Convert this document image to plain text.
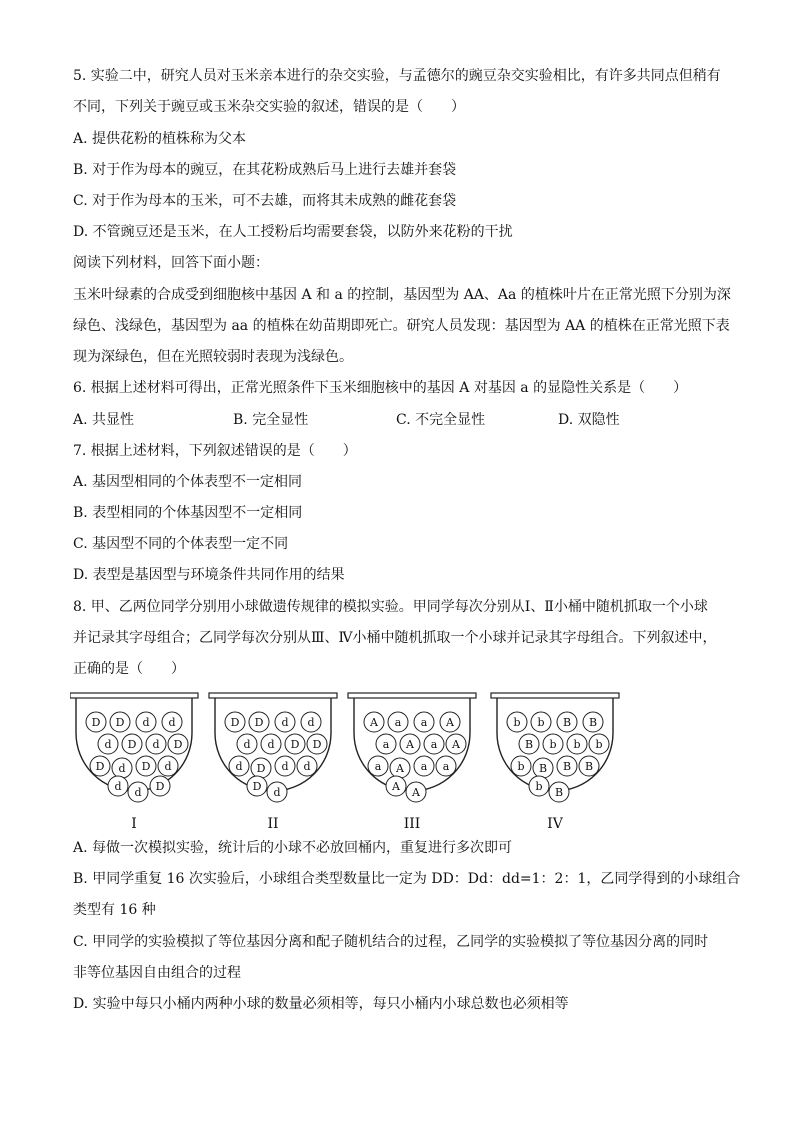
5. 实验二中，研究人员对玉米亲本进行的杂交实验，与孟德尔的豌豆杂交实验相比，有许多共同点但稍有
不同，下列关于豌豆或玉米杂交实验的叙述，错误的是（　　）
A. 提供花粉的植株称为父本
B. 对于作为母本的豌豆，在其花粉成熟后马上进行去雄并套袋
C. 对于作为母本的玉米，可不去雄，而将其未成熟的雌花套袋
D. 不管豌豆还是玉米，在人工授粉后均需要套袋，以防外来花粉的干扰
阅读下列材料，回答下面小题：
玉米叶绿素的合成受到细胞核中基因 A 和 a 的控制，基因型为 AA、Aa 的植株叶片在正常光照下分别为深
绿色、浅绿色，基因型为 aa 的植株在幼苗期即死亡。研究人员发现：基因型为 AA 的植株在正常光照下表
现为深绿色，但在光照较弱时表现为浅绿色。
6. 根据上述材料可得出，正常光照条件下玉米细胞核中的基因 A 对基因 a 的显隐性关系是（　　）
A. 共显性	B. 完全显性	C. 不完全显性	D. 双隐性
7. 根据上述材料，下列叙述错误的是（　　）
A. 基因型相同的个体表型不一定相同
B. 表型相同的个体基因型不一定相同
C. 基因型不同的个体表型一定不同
D. 表型是基因型与环境条件共同作用的结果
8. 甲、乙两位同学分别用小球做遗传规律的模拟实验。甲同学每次分别从Ⅰ、Ⅱ小桶中随机抓取一个小球
并记录其字母组合；乙同学每次分别从Ⅲ、Ⅳ小桶中随机抓取一个小球并记录其字母组合。下列叙述中，
正确的是（　　）
D D d d
d D d D
D d D d
d d D
I
D D d d
d d D D
d D d d
D d
II
A a a A
a A a A
a A a a
A A
III
b b B B
B b b b
b B B B
b B
IV
A. 每做一次模拟实验，统计后的小球不必放回桶内，重复进行多次即可
B. 甲同学重复 16 次实验后，小球组合类型数量比一定为 DD：Dd：dd=1：2：1，乙同学得到的小球组合
类型有 16 种
C. 甲同学的实验模拟了等位基因分离和配子随机结合的过程，乙同学的实验模拟了等位基因分离的同时
非等位基因自由组合的过程
D. 实验中每只小桶内两种小球的数量必须相等，每只小桶内小球总数也必须相等
